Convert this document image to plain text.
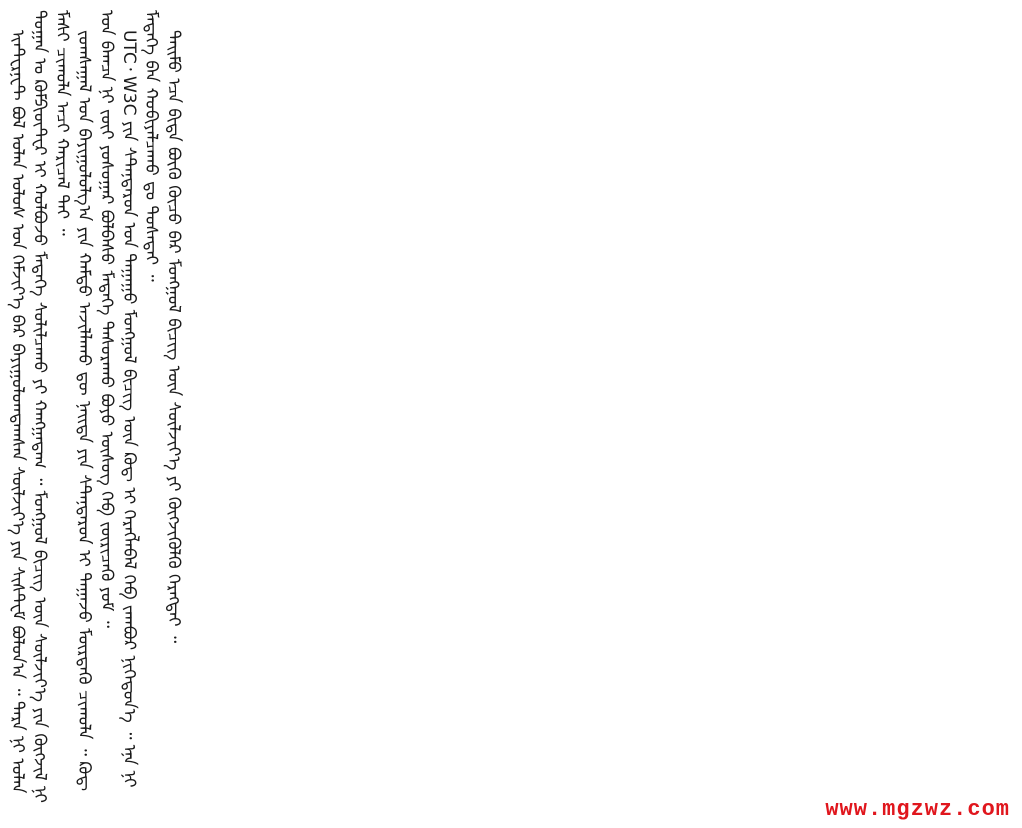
ᠢᠨᠲ᠋ᠸᠷᠨ᠋ᠸᠲ ᠪᠣᠯ ᠣᠯᠠᠨ ᠤᠯᠤᠰ ᠤᠨ ᠬᠡᠮᠵᠢᠶ᠎ᠡ ᠪᠠᠷ ᠪᠠᠶᠢᠭᠤᠯᠤᠭᠳᠠᠭᠰᠠᠨ ᠰᠦᠯᠵᠢᠶ᠎ᠡ ᠶᠢᠨ ᠰᠢᠰᠲ᠋ᠧᠮ ᠪᠣᠯᠤᠨ᠎ᠠ ᠃ ᠲᠡᠷᠡ ᠨᠢ ᠣᠯᠠᠨ ᠲᠣᠭᠠᠨ ᠤ ᠺᠣᠮᠫᠢᠦ᠋ᠲ᠋ᠧᠷ ᠢ ᠬᠣᠯᠪᠣᠵᠤ ᠮᠡᠳᠡᠭᠡ ᠰᠣᠯᠢᠯᠴᠠᠬᠤ ᠶᠢ ᠬᠠᠩᠭ᠋ᠠᠳᠠᠭ ᠃ ᠮᠣᠩᠭᠣᠯ ᠪᠢᠴᠢᠭ ᠦᠨ ᠰᠦᠯᠵᠢᠶ᠎ᠡ ᠶᠢᠨ ᠬᠦᠭᠵᠢᠯ ᠨᠢ ᠮᠠᠰᠢ ᠴᠢᠬᠤᠯᠠ ᠠᠴᠢ ᠬᠠᠷᠢᠴᠠᠯ ᠲᠠᠢ ᠃ ᠵᠣᠭᠰᠠᠭᠠᠯ ᠤᠨ ᠪᠠᠶᠢᠭᠤᠯᠤᠯᠭ᠎ᠠ ᠶᠢᠨ ᠬᠠᠮᠲᠤ ᠠᠵᠢᠯᠯᠠᠬᠤ ᠳᠦ ᠨᠡᠢᠲᠡ ᠶᠢᠨ ᠰᠲ᠋ᠠᠨ᠋ᠳ᠋ᠠᠷᠳ ᠢ ᠳᠠᠭᠠᠵᠤ ᠮᠦᠷᠳᠡᠬᠦ ᠴᠢᠬᠤᠯᠠ ᠃ ᠺᠣᠳ᠋ ᠤᠨ ᠪᠠᠭᠴᠠ ᠨᠢ ᠵᠦᠢ ᠶᠣᠰᠣᠭᠠᠷ ᠪᠣᠯᠪᠠᠰᠤ ᠮᠡᠳᠡᠭᠡ ᠲᠠᠰᠤᠷᠠᠬᠤ ᠪᠤᠶᠤ ᠦᠰᠦᠭ ᠬᠡᠪ ᠵᠦᠷᠢᠴᠡᠬᠦ ᠶᠤᠮ ᠃ UTC᠂ W3C ᠶᠢᠨ ᠰᠲ᠋ᠠᠨ᠋ᠳ᠋ᠠᠷᠳ ᠤᠨ ᠳᠠᠭᠠᠭᠤ ᠮᠣᠩᠭᠣᠯ ᠪᠢᠴᠢᠭ ᠦᠨ ᠺᠣᠳ᠋ ᠢ ᠬᠡᠷᠡᠭᠯᠡᠪᠡᠯ ᠬᠡᠪ ᠵᠠᠭᠪᠤᠷ ᠨᠢᠭᠡᠳᠦᠨ᠎ᠡ ᠃ ᠡᠨᠡ ᠨᠢ ᠮᠡᠳᠡᠭᠡ ᠪᠡᠨ ᠬᠤᠪᠢᠶᠠᠯᠴᠠᠬᠤ ᠳᠤ ᠲᠤᠰᠠᠲᠠᠢ ᠃ ᠲᠡᠢᠮᠦ ᠡᠴᠡ ᠪᠢᠳᠡ ᠪᠦᠬᠦ ᠬᠦᠴᠦ ᠪᠡᠷ ᠮᠣᠩᠭᠣᠯ ᠪᠢᠴᠢᠭ ᠦᠨ ᠰᠦᠯᠵᠢᠶ᠎ᠡ ᠶᠢ ᠬᠦᠭᠵᠢᠭᠦᠯᠬᠦ ᠬᠡᠷᠡᠭᠲᠡᠶ ᠃

www.mgzwz.com
